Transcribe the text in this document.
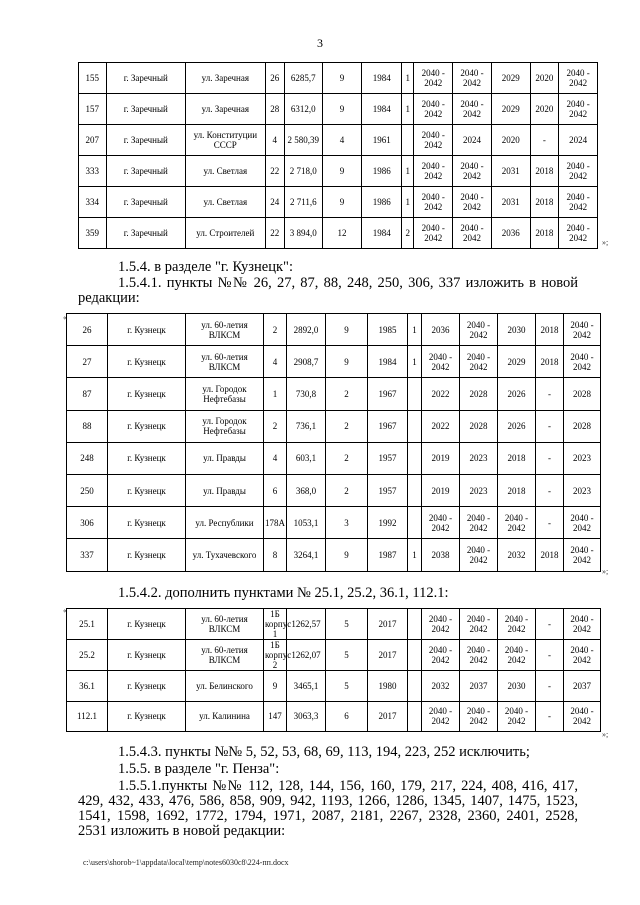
3
155	г. Заречный	ул. Заречная	26	6285,7	9	1984	1	2040 - 2042	2040 - 2042	2029	2020	2040 - 2042
157	г. Заречный	ул. Заречная	28	6312,0	9	1984	1	2040 - 2042	2040 - 2042	2029	2020	2040 - 2042
207	г. Заречный	ул. Конституции СССР	4	2 580,39	4	1961		2040 - 2042	2024	2020	-	2024
333	г. Заречный	ул. Светлая	22	2 718,0	9	1986	1	2040 - 2042	2040 - 2042	2031	2018	2040 - 2042
334	г. Заречный	ул. Светлая	24	2 711,6	9	1986	1	2040 - 2042	2040 - 2042	2031	2018	2040 - 2042
359	г. Заречный	ул. Строителей	22	3 894,0	12	1984	2	2040 - 2042	2040 - 2042	2036	2018	2040 - 2042 »;
1.5.4. в разделе "г. Кузнецк":
1.5.4.1. пункты №№ 26, 27, 87, 88, 248, 250, 306, 337 изложить в новой редакции:
«
26	г. Кузнецк	ул. 60-летия ВЛКСМ	2	2892,0	9	1985	1	2036	2040 - 2042	2030	2018	2040 - 2042
27	г. Кузнецк	ул. 60-летия ВЛКСМ	4	2908,7	9	1984	1	2040 - 2042	2040 - 2042	2029	2018	2040 - 2042
87	г. Кузнецк	ул. Городок Нефтебазы	1	730,8	2	1967		2022	2028	2026	-	2028
88	г. Кузнецк	ул. Городок Нефтебазы	2	736,1	2	1967		2022	2028	2026	-	2028
248	г. Кузнецк	ул. Правды	4	603,1	2	1957		2019	2023	2018	-	2023
250	г. Кузнецк	ул. Правды	6	368,0	2	1957		2019	2023	2018	-	2023
306	г. Кузнецк	ул. Республики	178А	1053,1	3	1992		2040 - 2042	2040 - 2042	2040 - 2042	-	2040 - 2042
337	г. Кузнецк	ул. Тухачевского	8	3264,1	9	1987	1	2038	2040 - 2042	2032	2018	2040 - 2042
»;
1.5.4.2. дополнить пунктами № 25.1, 25.2, 36.1, 112.1:
«
25.1	г. Кузнецк	ул. 60-летия ВЛКСМ	1Б корпус 1	1262,57	5	2017		2040 - 2042	2040 - 2042	2040 - 2042	-	2040 - 2042
25.2	г. Кузнецк	ул. 60-летия ВЛКСМ	1Б корпус 2	1262,07	5	2017		2040 - 2042	2040 - 2042	2040 - 2042	-	2040 - 2042
36.1	г. Кузнецк	ул. Белинского	9	3465,1	5	1980		2032	2037	2030	-	2037
112.1	г. Кузнецк	ул. Калинина	147	3063,3	6	2017		2040 - 2042	2040 - 2042	2040 - 2042	-	2040 - 2042
»;
1.5.4.3. пункты №№ 5, 52, 53, 68, 69, 113, 194, 223, 252 исключить;
1.5.5. в разделе "г. Пенза":
1.5.5.1.пункты №№ 112, 128, 144, 156, 160, 179, 217, 224, 408, 416, 417, 429, 432, 433, 476, 586, 858, 909, 942, 1193, 1266, 1286, 1345, 1407, 1475, 1523, 1541, 1598, 1692, 1772, 1794, 1971, 2087, 2181, 2267, 2328, 2360, 2401, 2528, 2531 изложить в новой редакции:
c:\users\shorob~1\appdata\local\temp\notes6030c8\224-пп.docx
